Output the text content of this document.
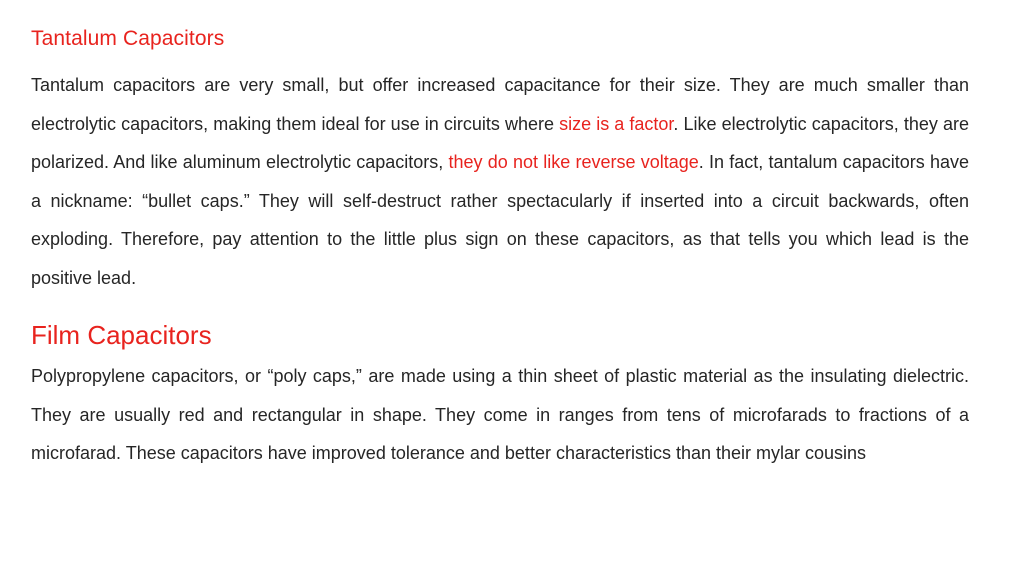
Tantalum Capacitors

Tantalum capacitors are very small, but offer increased capacitance for their size. They are much smaller than electrolytic capacitors, making them ideal for use in circuits where size is a factor. Like electrolytic capacitors, they are polarized. And like aluminum electrolytic capacitors, they do not like reverse voltage. In fact, tantalum capacitors have a nickname: “bullet caps.” They will self-destruct rather spectacularly if inserted into a circuit backwards, often exploding. Therefore, pay attention to the little plus sign on these capacitors, as that tells you which lead is the positive lead.

Film Capacitors

Polypropylene capacitors, or “poly caps,” are made using a thin sheet of plastic material as the insulating dielectric. They are usually red and rectangular in shape. They come in ranges from tens of microfarads to fractions of a microfarad. These capacitors have improved tolerance and better characteristics than their mylar cousins
